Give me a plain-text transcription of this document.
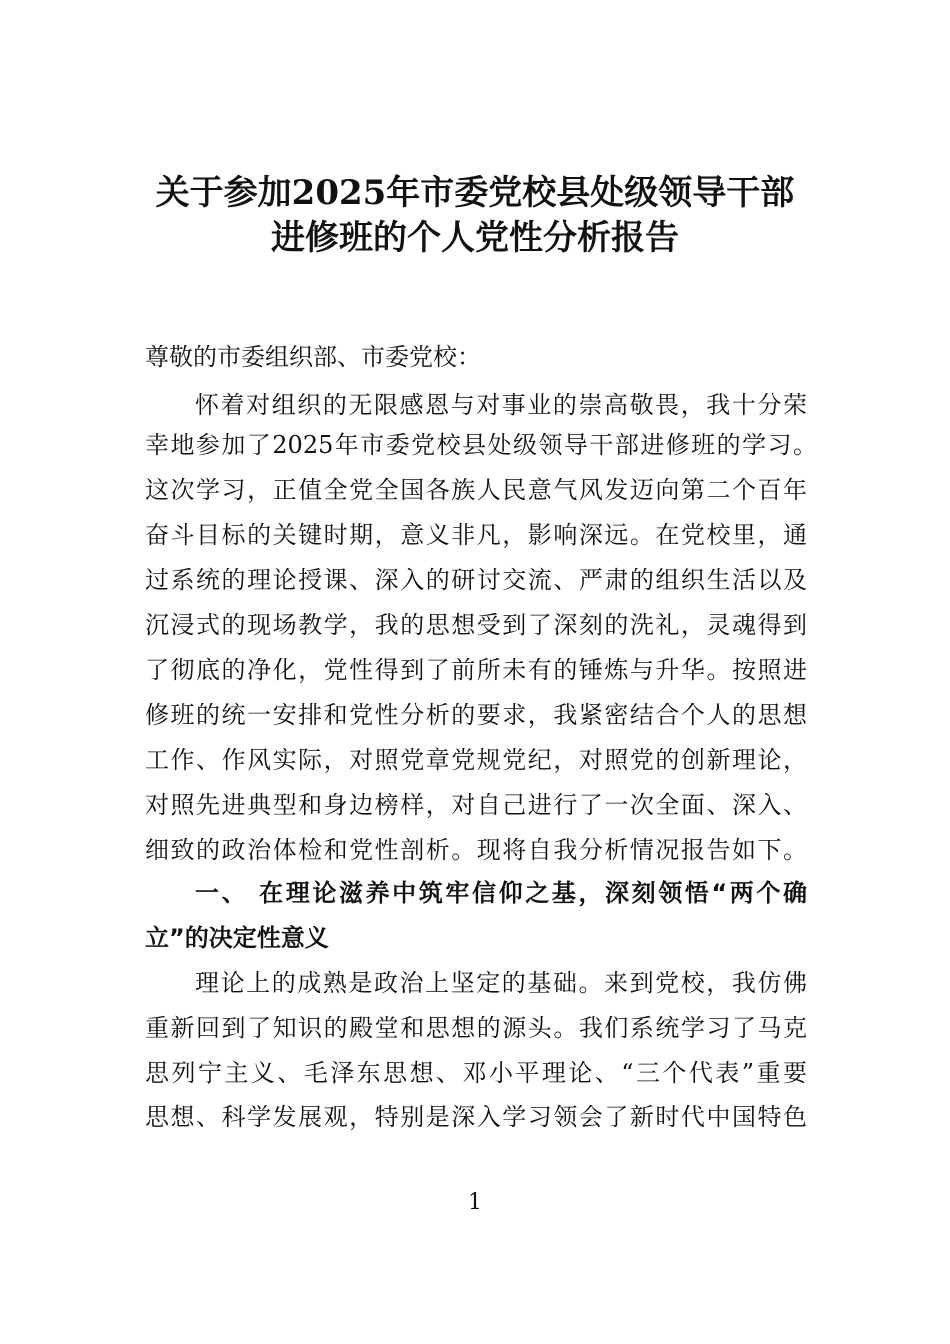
关于参加2025年市委党校县处级领导干部
进修班的个人党性分析报告
尊敬的市委组织部、市委党校：
怀着对组织的无限感恩与对事业的崇高敬畏，我十分荣
幸地参加了2025年市委党校县处级领导干部进修班的学习。
这次学习，正值全党全国各族人民意气风发迈向第二个百年
奋斗目标的关键时期，意义非凡，影响深远。在党校里，通
过系统的理论授课、深入的研讨交流、严肃的组织生活以及
沉浸式的现场教学，我的思想受到了深刻的洗礼，灵魂得到
了彻底的净化，党性得到了前所未有的锤炼与升华。按照进
修班的统一安排和党性分析的要求，我紧密结合个人的思想
工作、作风实际，对照党章党规党纪，对照党的创新理论，
对照先进典型和身边榜样，对自己进行了一次全面、深入、
细致的政治体检和党性剖析。现将自我分析情况报告如下。
一、 在理论滋养中筑牢信仰之基，深刻领悟“两个确
立”的决定性意义
理论上的成熟是政治上坚定的基础。来到党校，我仿佛
重新回到了知识的殿堂和思想的源头。我们系统学习了马克
思列宁主义、毛泽东思想、邓小平理论、“三个代表”重要
思想、科学发展观，特别是深入学习领会了新时代中国特色
1
